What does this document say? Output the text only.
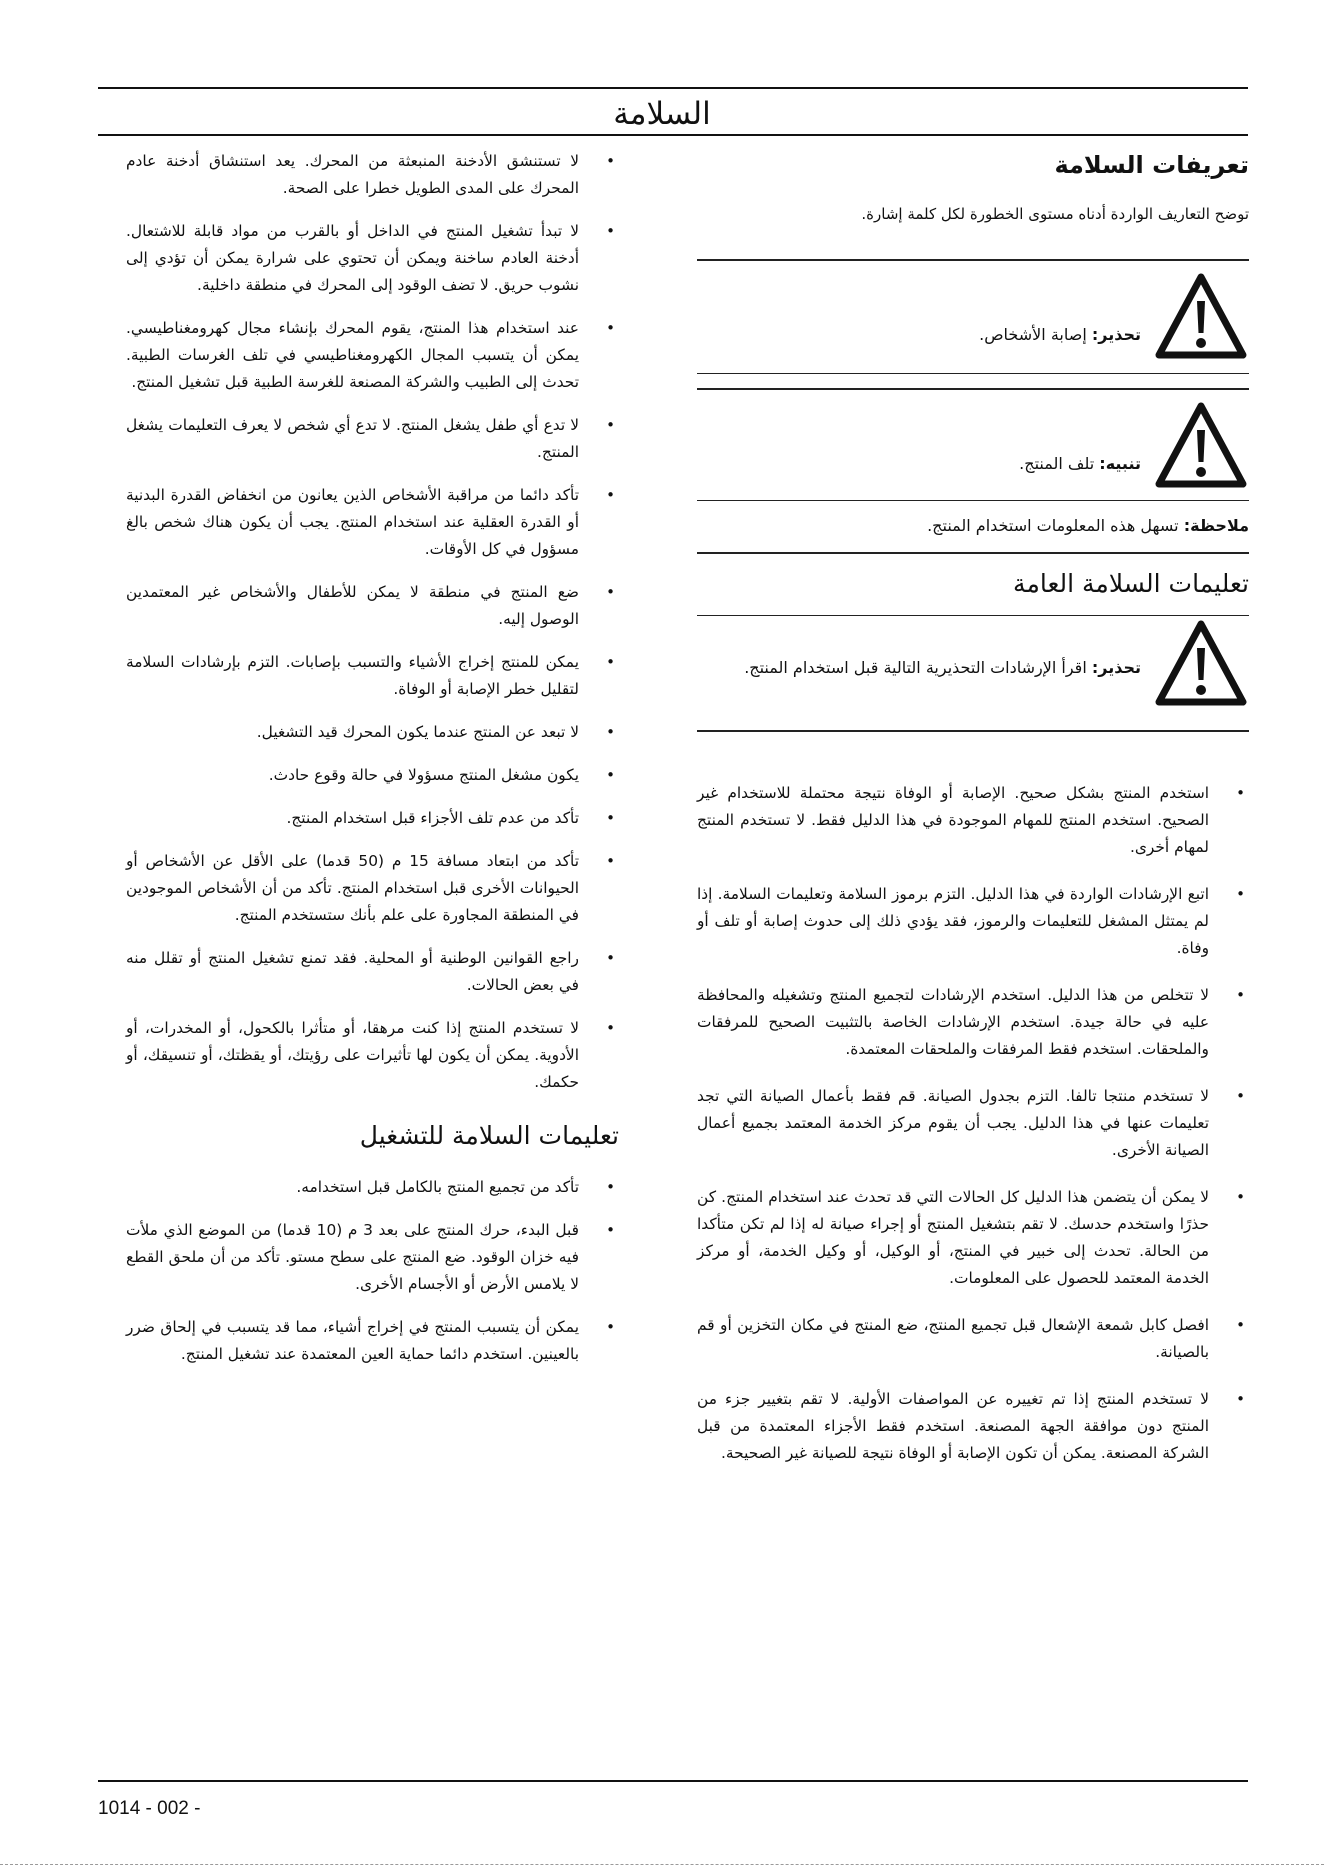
السلامة
تعريفات السلامة

توضح التعاريف الواردة أدناه مستوى الخطورة لكل كلمة إشارة.

تحذير: إصابة الأشخاص.
تنبيه: تلف المنتج.
ملاحظة: تسهل هذه المعلومات استخدام المنتج.
تعليمات السلامة العامة
تحذير: اقرأ الإرشادات التحذيرية التالية قبل استخدام المنتج.
• استخدم المنتج بشكل صحيح. الإصابة أو الوفاة نتيجة محتملة للاستخدام غير الصحيح. استخدم المنتج للمهام الموجودة في هذا الدليل فقط. لا تستخدم المنتج لمهام أخرى.
• اتبع الإرشادات الواردة في هذا الدليل. التزم برموز السلامة وتعليمات السلامة. إذا لم يمتثل المشغل للتعليمات والرموز، فقد يؤدي ذلك إلى حدوث إصابة أو تلف أو وفاة.
• لا تتخلص من هذا الدليل. استخدم الإرشادات لتجميع المنتج وتشغيله والمحافظة عليه في حالة جيدة. استخدم الإرشادات الخاصة بالتثبيت الصحيح للمرفقات والملحقات. استخدم فقط المرفقات والملحقات المعتمدة.
• لا تستخدم منتجا تالفا. التزم بجدول الصيانة. قم فقط بأعمال الصيانة التي تجد تعليمات عنها في هذا الدليل. يجب أن يقوم مركز الخدمة المعتمد بجميع أعمال الصيانة الأخرى.
• لا يمكن أن يتضمن هذا الدليل كل الحالات التي قد تحدث عند استخدام المنتج. كن حذرًا واستخدم حدسك. لا تقم بتشغيل المنتج أو إجراء صيانة له إذا لم تكن متأكدا من الحالة. تحدث إلى خبير في المنتج، أو الوكيل، أو وكيل الخدمة، أو مركز الخدمة المعتمد للحصول على المعلومات.
• افصل كابل شمعة الإشعال قبل تجميع المنتج، ضع المنتج في مكان التخزين أو قم بالصيانة.
• لا تستخدم المنتج إذا تم تغييره عن المواصفات الأولية. لا تقم بتغيير جزء من المنتج دون موافقة الجهة المصنعة. استخدم فقط الأجزاء المعتمدة من قبل الشركة المصنعة. يمكن أن تكون الإصابة أو الوفاة نتيجة للصيانة غير الصحيحة.
• لا تستنشق الأدخنة المنبعثة من المحرك. يعد استنشاق أدخنة عادم المحرك على المدى الطويل خطرا على الصحة.
• لا تبدأ تشغيل المنتج في الداخل أو بالقرب من مواد قابلة للاشتعال. أدخنة العادم ساخنة ويمكن أن تحتوي على شرارة يمكن أن تؤدي إلى نشوب حريق. لا تضف الوقود إلى المحرك في منطقة داخلية.
• عند استخدام هذا المنتج، يقوم المحرك بإنشاء مجال كهرومغناطيسي. يمكن أن يتسبب المجال الكهرومغناطيسي في تلف الغرسات الطبية. تحدث إلى الطبيب والشركة المصنعة للغرسة الطبية قبل تشغيل المنتج.
• لا تدع أي طفل يشغل المنتج. لا تدع أي شخص لا يعرف التعليمات يشغل المنتج.
• تأكد دائما من مراقبة الأشخاص الذين يعانون من انخفاض القدرة البدنية أو القدرة العقلية عند استخدام المنتج. يجب أن يكون هناك شخص بالغ مسؤول في كل الأوقات.
• ضع المنتج في منطقة لا يمكن للأطفال والأشخاص غير المعتمدين الوصول إليه.
• يمكن للمنتج إخراج الأشياء والتسبب بإصابات. التزم بإرشادات السلامة لتقليل خطر الإصابة أو الوفاة.
• لا تبعد عن المنتج عندما يكون المحرك قيد التشغيل.
• يكون مشغل المنتج مسؤولا في حالة وقوع حادث.
• تأكد من عدم تلف الأجزاء قبل استخدام المنتج.
• تأكد من ابتعاد مسافة 15 م (50 قدما) على الأقل عن الأشخاص أو الحيوانات الأخرى قبل استخدام المنتج. تأكد من أن الأشخاص الموجودين في المنطقة المجاورة على علم بأنك ستستخدم المنتج.
• راجع القوانين الوطنية أو المحلية. فقد تمنع تشغيل المنتج أو تقلل منه في بعض الحالات.
• لا تستخدم المنتج إذا كنت مرهقا، أو متأثرا بالكحول، أو المخدرات، أو الأدوية. يمكن أن يكون لها تأثيرات على رؤيتك، أو يقظتك، أو تنسيقك، أو حكمك.
تعليمات السلامة للتشغيل
• تأكد من تجميع المنتج بالكامل قبل استخدامه.
• قبل البدء، حرك المنتج على بعد 3 م (10 قدما) من الموضع الذي ملأت فيه خزان الوقود. ضع المنتج على سطح مستو. تأكد من أن ملحق القطع لا يلامس الأرض أو الأجسام الأخرى.
• يمكن أن يتسبب المنتج في إخراج أشياء، مما قد يتسبب في إلحاق ضرر بالعينين. استخدم دائما حماية العين المعتمدة عند تشغيل المنتج.
1014 - 002 -
